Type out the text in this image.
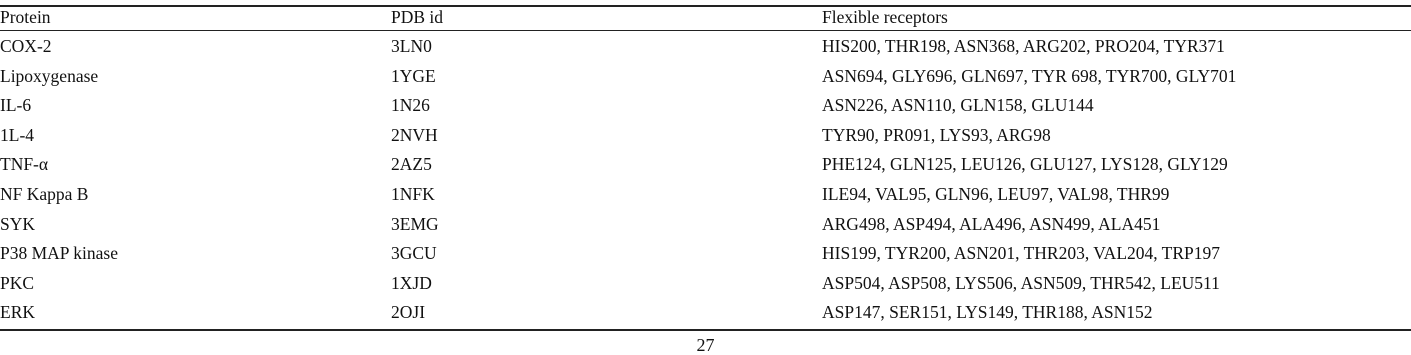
Protein	PDB id	Flexible receptors
COX-2	3LN0	HIS200, THR198, ASN368, ARG202, PRO204, TYR371
Lipoxygenase	1YGE	ASN694, GLY696, GLN697, TYR 698, TYR700, GLY701
IL-6	1N26	ASN226, ASN110, GLN158, GLU144
1L-4	2NVH	TYR90, PR091, LYS93, ARG98
TNF-α	2AZ5	PHE124, GLN125, LEU126, GLU127, LYS128, GLY129
NF Kappa B	1NFK	ILE94, VAL95, GLN96, LEU97, VAL98, THR99
SYK	3EMG	ARG498, ASP494, ALA496, ASN499, ALA451
P38 MAP kinase	3GCU	HIS199, TYR200, ASN201, THR203, VAL204, TRP197
PKC	1XJD	ASP504, ASP508, LYS506, ASN509, THR542, LEU511
ERK	2OJI	ASP147, SER151, LYS149, THR188, ASN152
27
